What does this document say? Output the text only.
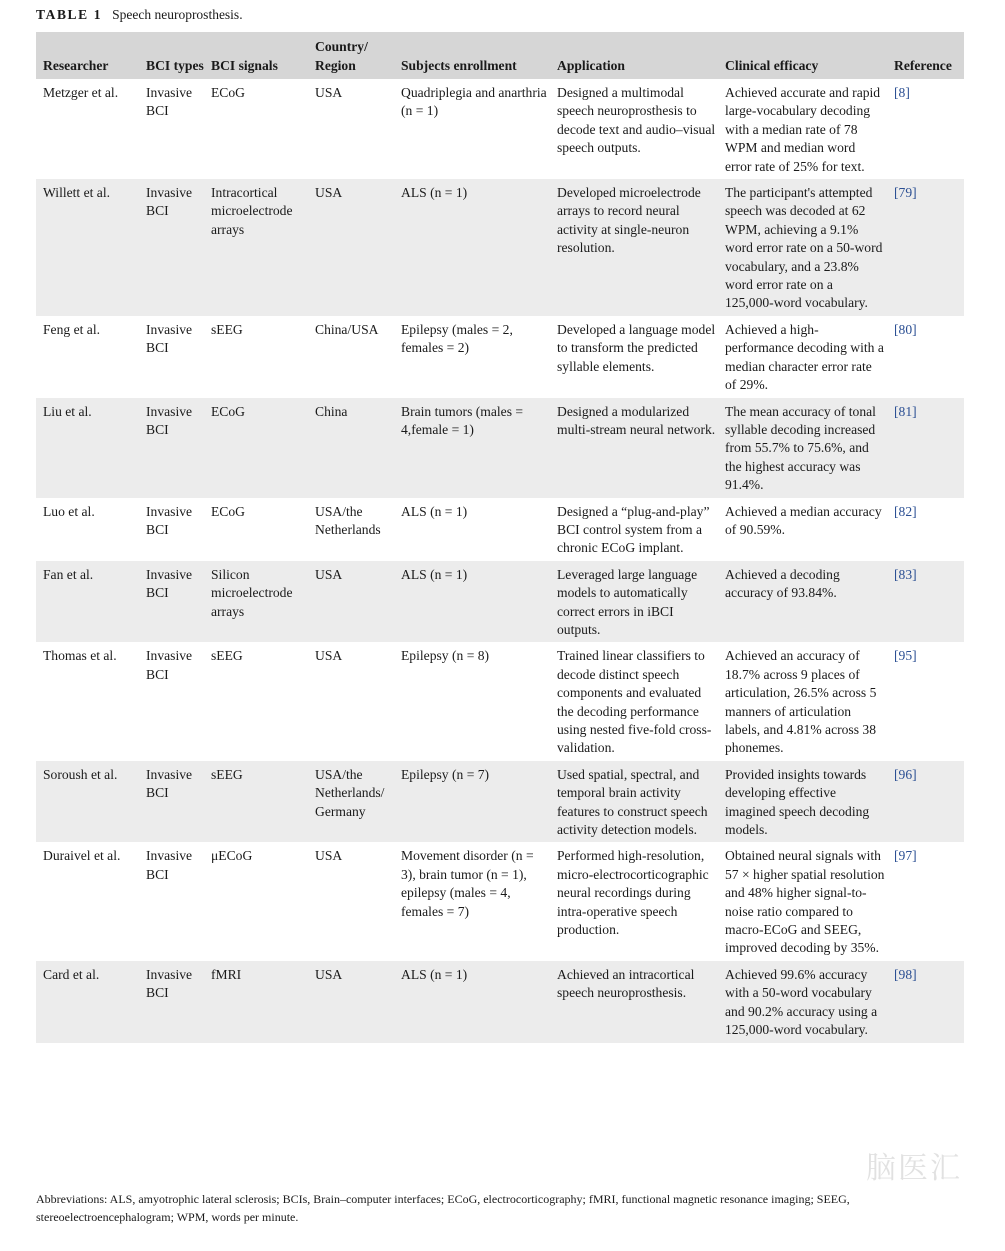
TABLE 1 Speech neuroprosthesis.
Researcher	BCI types	BCI signals	Country/ Region	Subjects enrollment	Application	Clinical efficacy	Reference
Metzger et al.	Invasive BCI	ECoG	USA	Quadriplegia and anarthria (n = 1)	Designed a multimodal speech neuroprosthesis to decode text and audio–visual speech outputs.	Achieved accurate and rapid large-vocabulary decoding with a median rate of 78 WPM and median word error rate of 25% for text.	[8]
Willett et al.	Invasive BCI	Intracortical microelectrode arrays	USA	ALS (n = 1)	Developed microelectrode arrays to record neural activity at single-neuron resolution.	The participant's attempted speech was decoded at 62 WPM, achieving a 9.1% word error rate on a 50-word vocabulary, and a 23.8% word error rate on a 125,000-word vocabulary.	[79]
Feng et al.	Invasive BCI	sEEG	China/USA	Epilepsy (males = 2, females = 2)	Developed a language model to transform the predicted syllable elements.	Achieved a high-performance decoding with a median character error rate of 29%.	[80]
Liu et al.	Invasive BCI	ECoG	China	Brain tumors (males = 4,female = 1)	Designed a modularized multi-stream neural network.	The mean accuracy of tonal syllable decoding increased from 55.7% to 75.6%, and the highest accuracy was 91.4%.	[81]
Luo et al.	Invasive BCI	ECoG	USA/the Netherlands	ALS (n = 1)	Designed a “plug-and-play” BCI control system from a chronic ECoG implant.	Achieved a median accuracy of 90.59%.	[82]
Fan et al.	Invasive BCI	Silicon microelectrode arrays	USA	ALS (n = 1)	Leveraged large language models to automatically correct errors in iBCI outputs.	Achieved a decoding accuracy of 93.84%.	[83]
Thomas et al.	Invasive BCI	sEEG	USA	Epilepsy (n = 8)	Trained linear classifiers to decode distinct speech components and evaluated the decoding performance using nested five-fold cross-validation.	Achieved an accuracy of 18.7% across 9 places of articulation, 26.5% across 5 manners of articulation labels, and 4.81% across 38 phonemes.	[95]
Soroush et al.	Invasive BCI	sEEG	USA/the Netherlands/ Germany	Epilepsy (n = 7)	Used spatial, spectral, and temporal brain activity features to construct speech activity detection models.	Provided insights towards developing effective imagined speech decoding models.	[96]
Duraivel et al.	Invasive BCI	μECoG	USA	Movement disorder (n = 3), brain tumor (n = 1), epilepsy (males = 4, females = 7)	Performed high-resolution, micro-electrocorticographic neural recordings during intra-operative speech production.	Obtained neural signals with 57 × higher spatial resolution and 48% higher signal-to-noise ratio compared to macro-ECoG and SEEG, improved decoding by 35%.	[97]
Card et al.	Invasive BCI	fMRI	USA	ALS (n = 1)	Achieved an intracortical speech neuroprosthesis.	Achieved 99.6% accuracy with a 50-word vocabulary and 90.2% accuracy using a 125,000-word vocabulary.	[98]
Abbreviations: ALS, amyotrophic lateral sclerosis; BCIs, Brain–computer interfaces; ECoG, electrocorticography; fMRI, functional magnetic resonance imaging; SEEG, stereoelectroencephalogram; WPM, words per minute.
脑医汇
